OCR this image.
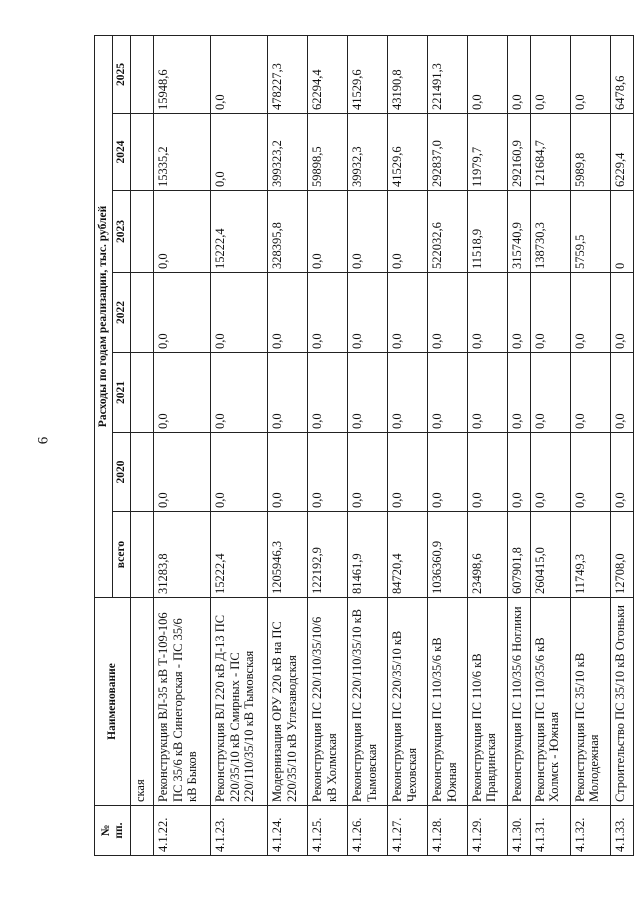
6
№
пп.	Наименование	Расходы по годам реализации, тыс. рублей						
		всего	2020	2021	2022	2023	2024	2025
	ская							
4.1.22.	Реконструкция ВЛ-35 кВ Т-109-106 ПС 35/6 кВ Синегорская - ПС 35/6 кВ Быков	31283,8	0,0	0,0	0,0	0,0	15335,2	15948,6
4.1.23.	Реконструкция ВЛ 220 кВ Д-13 ПС 220/35/10 кВ Смирных - ПС 220/110/35/10 кВ Тымовская	15222,4	0,0	0,0	0,0	15222,4	0,0	0,0
4.1.24.	Модернизация ОРУ 220 кВ на ПС 220/35/10 кВ Углезаводская	1205946,3	0,0	0,0	0,0	328395,8	399323,2	478227,3
4.1.25.	Реконструкция ПС 220/110/35/10/6 кВ Холмская	122192,9	0,0	0,0	0,0	0,0	59898,5	62294,4
4.1.26.	Реконструкция ПС 220/110/35/10 кВ Тымовская	81461,9	0,0	0,0	0,0	0,0	39932,3	41529,6
4.1.27.	Реконструкция ПС 220/35/10 кВ Чеховская	84720,4	0,0	0,0	0,0	0,0	41529,6	43190,8
4.1.28.	Реконструкция ПС 110/35/6 кВ Южная	1036360,9	0,0	0,0	0,0	522032,6	292837,0	221491,3
4.1.29.	Реконструкция ПС 110/6 кВ Правдинская	23498,6	0,0	0,0	0,0	11518,9	11979,7	0,0
4.1.30.	Реконструкция ПС 110/35/6 Ноглики	607901,8	0,0	0,0	0,0	315740,9	292160,9	0,0
4.1.31.	Реконструкция ПС 110/35/6 кВ Холмск - Южная	260415,0	0,0	0,0	0,0	138730,3	121684,7	0,0
4.1.32.	Реконструкция ПС 35/10 кВ Молодежная	11749,3	0,0	0,0	0,0	5759,5	5989,8	0,0
4.1.33.	Строительство ПС 35/10 кВ Огоньки	12708,0	0,0	0,0	0,0	0	6229,4	6478,6
